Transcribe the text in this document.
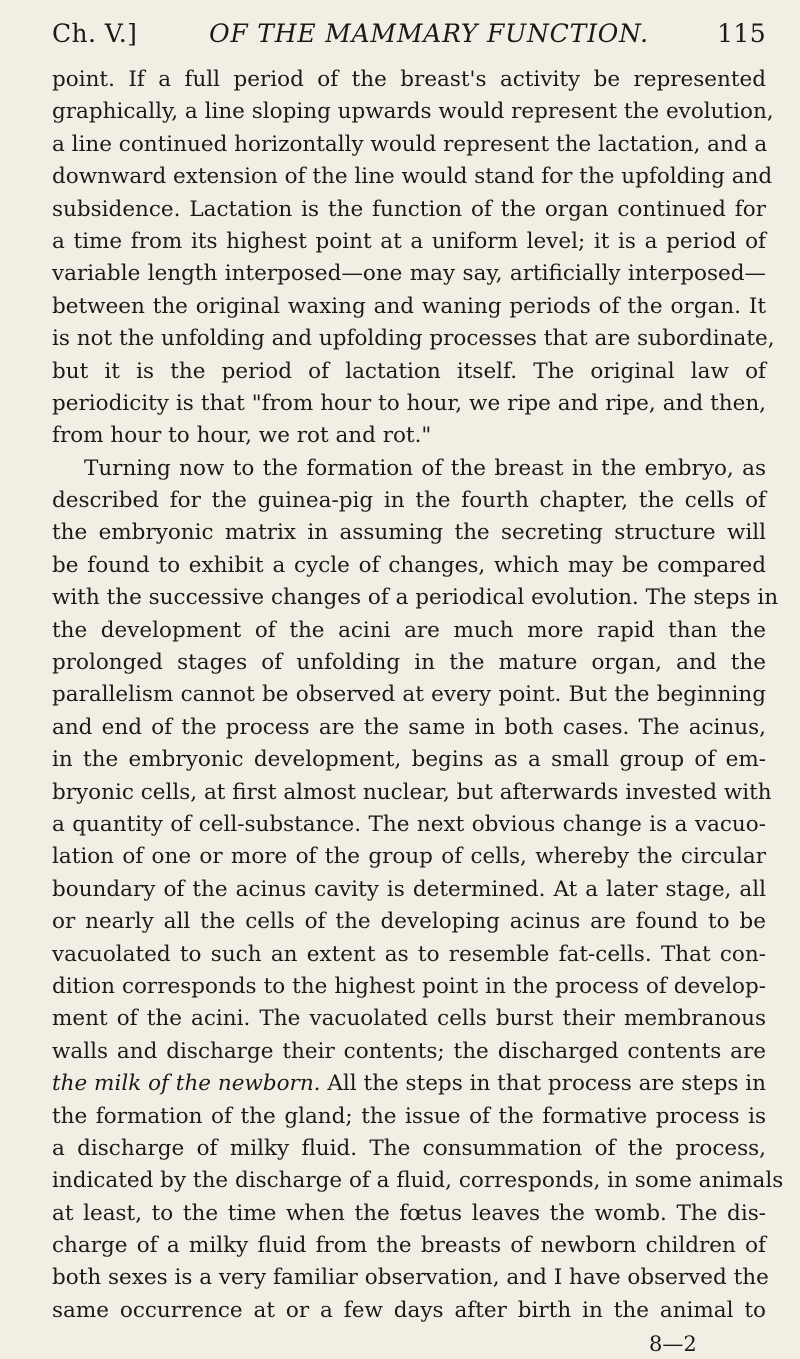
Ch. V.]	OF THE MAMMARY FUNCTION.	115
point. If a full period of the breast's activity be represented
graphically, a line sloping upwards would represent the evolution,
a line continued horizontally would represent the lactation, and a
downward extension of the line would stand for the upfolding and
subsidence. Lactation is the function of the organ continued for
a time from its highest point at a uniform level; it is a period of
variable length interposed—one may say, artificially interposed—
between the original waxing and waning periods of the organ. It
is not the unfolding and upfolding processes that are subordinate,
but it is the period of lactation itself. The original law of
periodicity is that "from hour to hour, we ripe and ripe, and then,
from hour to hour, we rot and rot."
Turning now to the formation of the breast in the embryo, as
described for the guinea-pig in the fourth chapter, the cells of
the embryonic matrix in assuming the secreting structure will
be found to exhibit a cycle of changes, which may be compared
with the successive changes of a periodical evolution. The steps in
the development of the acini are much more rapid than the
prolonged stages of unfolding in the mature organ, and the
parallelism cannot be observed at every point. But the beginning
and end of the process are the same in both cases. The acinus,
in the embryonic development, begins as a small group of em-
bryonic cells, at first almost nuclear, but afterwards invested with
a quantity of cell-substance. The next obvious change is a vacuo-
lation of one or more of the group of cells, whereby the circular
boundary of the acinus cavity is determined. At a later stage, all
or nearly all the cells of the developing acinus are found to be
vacuolated to such an extent as to resemble fat-cells. That con-
dition corresponds to the highest point in the process of develop-
ment of the acini. The vacuolated cells burst their membranous
walls and discharge their contents; the discharged contents are
the milk of the newborn. All the steps in that process are steps in
the formation of the gland; the issue of the formative process is
a discharge of milky fluid. The consummation of the process,
indicated by the discharge of a fluid, corresponds, in some animals
at least, to the time when the fœtus leaves the womb. The dis-
charge of a milky fluid from the breasts of newborn children of
both sexes is a very familiar observation, and I have observed the
same occurrence at or a few days after birth in the animal to
8—2
